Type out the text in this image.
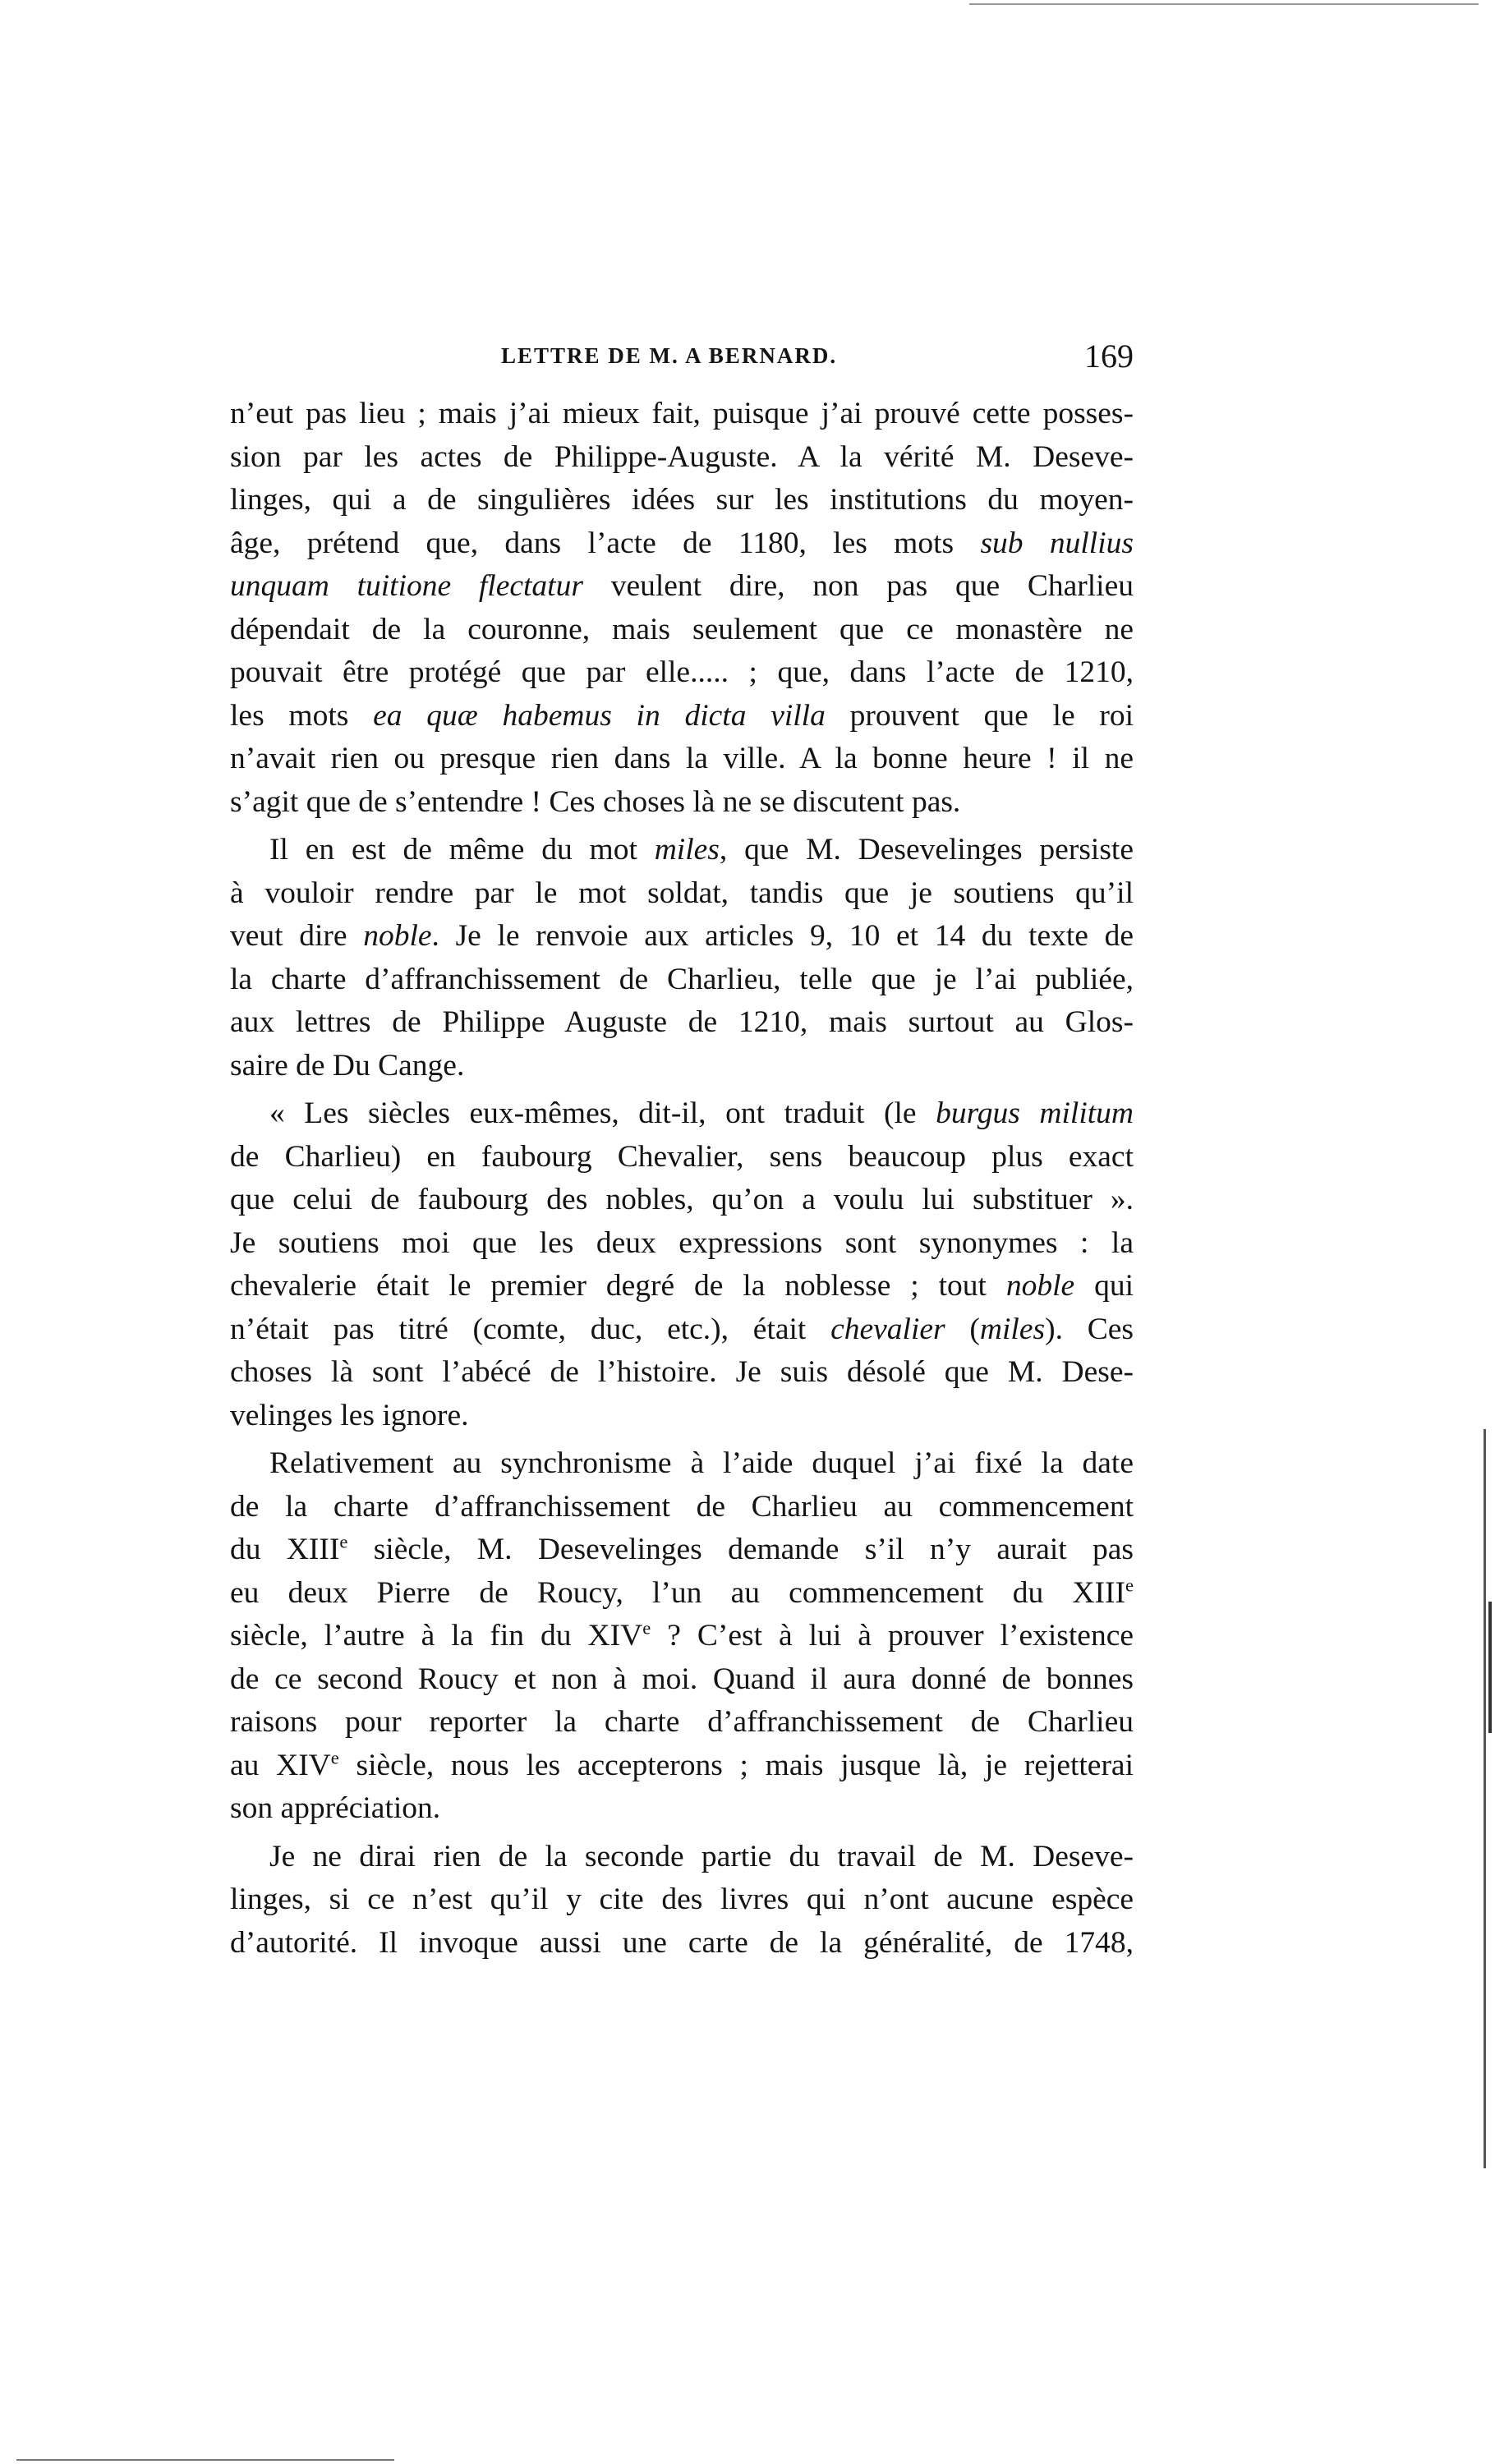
LETTRE DE M. A BERNARD.	169
n’eut pas lieu ; mais j’ai mieux fait, puisque j’ai prouvé cette posses-
sion par les actes de Philippe-Auguste. A la vérité M. Deseve-
linges, qui a de singulières idées sur les institutions du moyen-
âge, prétend que, dans l’acte de 1180, les mots sub nullius
unquam tuitione flectatur veulent dire, non pas que Charlieu
dépendait de la couronne, mais seulement que ce monastère ne
pouvait être protégé que par elle..... ; que, dans l’acte de 1210,
les mots ea quæ habemus in dicta villa prouvent que le roi
n’avait rien ou presque rien dans la ville. A la bonne heure ! il ne
s’agit que de s’entendre ! Ces choses là ne se discutent pas.
Il en est de même du mot miles, que M. Desevelinges persiste
à vouloir rendre par le mot soldat, tandis que je soutiens qu’il
veut dire noble. Je le renvoie aux articles 9, 10 et 14 du texte de
la charte d’affranchissement de Charlieu, telle que je l’ai publiée,
aux lettres de Philippe Auguste de 1210, mais surtout au Glos-
saire de Du Cange.
« Les siècles eux-mêmes, dit-il, ont traduit (le burgus militum
de Charlieu) en faubourg Chevalier, sens beaucoup plus exact
que celui de faubourg des nobles, qu’on a voulu lui substituer ».
Je soutiens moi que les deux expressions sont synonymes : la
chevalerie était le premier degré de la noblesse ; tout noble qui
n’était pas titré (comte, duc, etc.), était chevalier (miles). Ces
choses là sont l’abécé de l’histoire. Je suis désolé que M. Dese-
velinges les ignore.
Relativement au synchronisme à l’aide duquel j’ai fixé la date
de la charte d’affranchissement de Charlieu au commencement
du XIIIe siècle, M. Desevelinges demande s’il n’y aurait pas
eu deux Pierre de Roucy, l’un au commencement du XIIIe
siècle, l’autre à la fin du XIVe ? C’est à lui à prouver l’existence
de ce second Roucy et non à moi. Quand il aura donné de bonnes
raisons pour reporter la charte d’affranchissement de Charlieu
au XIVe siècle, nous les accepterons ; mais jusque là, je rejetterai
son appréciation.
Je ne dirai rien de la seconde partie du travail de M. Deseve-
linges, si ce n’est qu’il y cite des livres qui n’ont aucune espèce
d’autorité. Il invoque aussi une carte de la généralité, de 1748,
